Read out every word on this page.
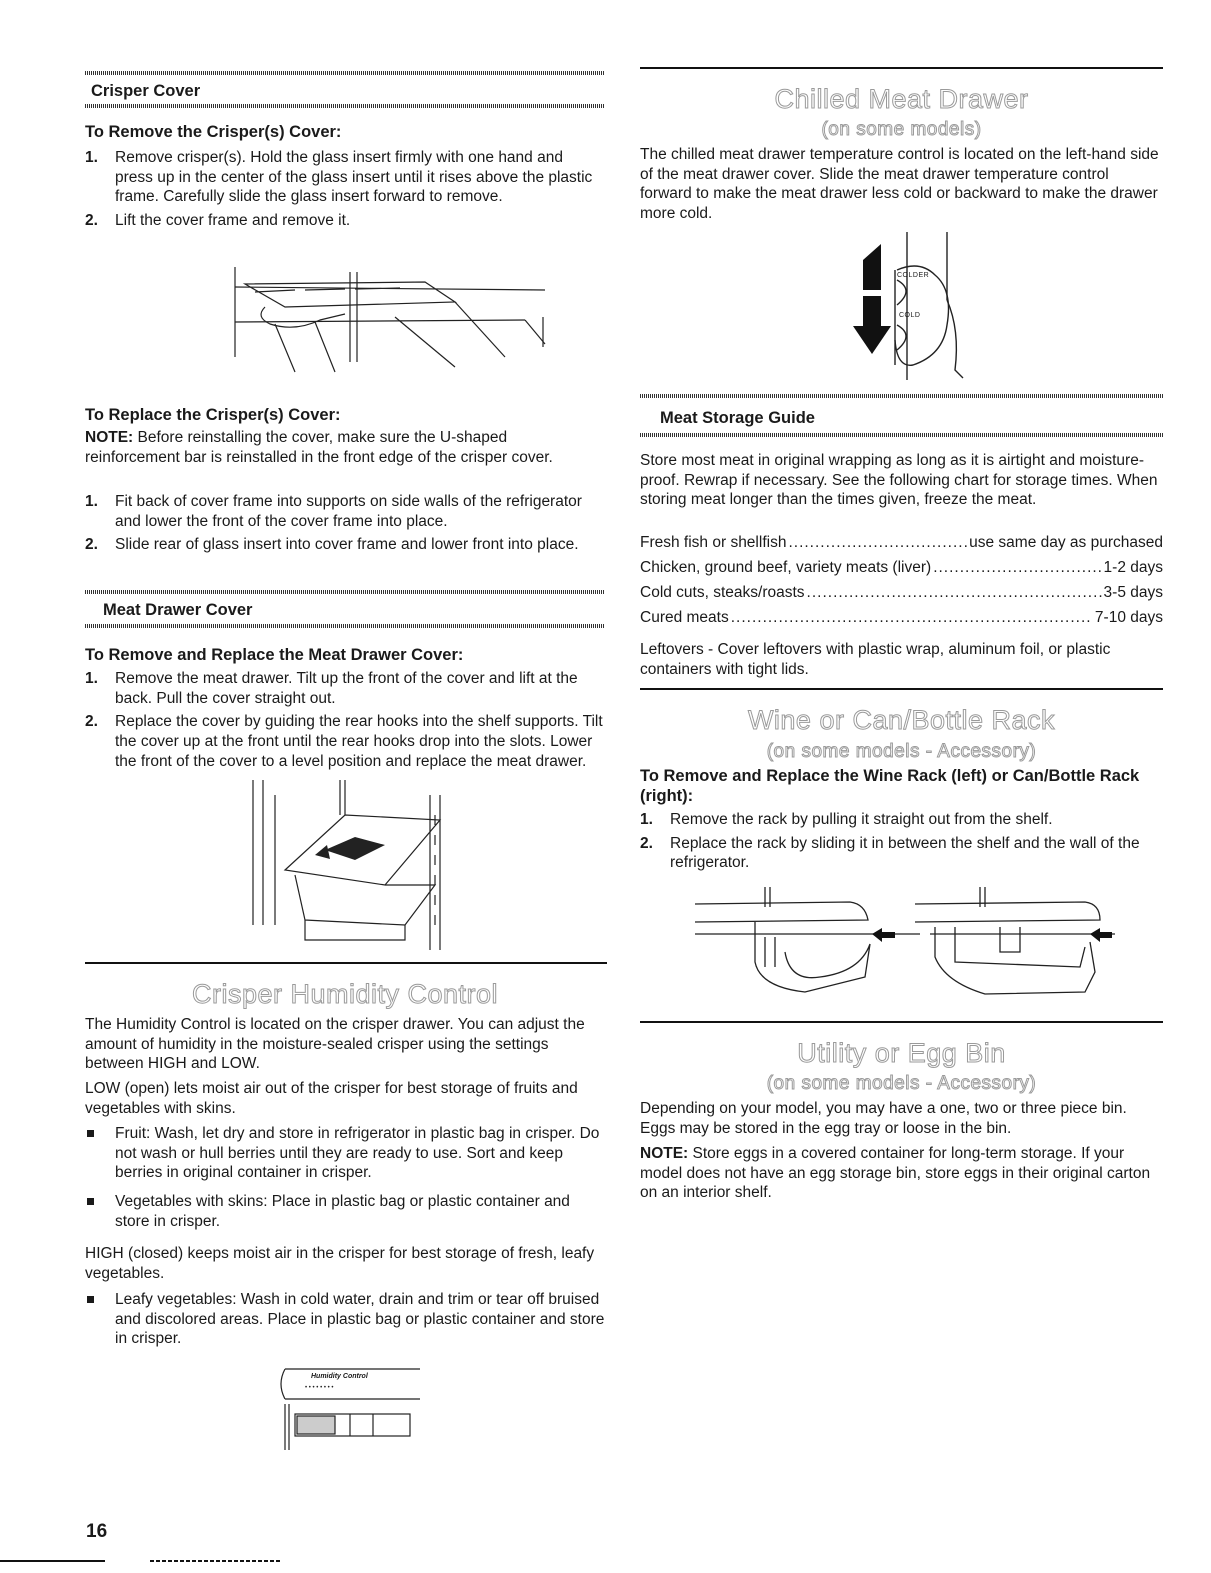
Crisper Cover
To Remove the Crisper(s) Cover:
1. Remove crisper(s). Hold the glass insert firmly with one hand and press up in the center of the glass insert until it rises above the plastic frame. Carefully slide the glass insert forward to remove.
2. Lift the cover frame and remove it.
To Replace the Crisper(s) Cover:

NOTE: Before reinstalling the cover, make sure the U-shaped reinforcement bar is reinstalled in the front edge of the crisper cover.

1. Fit back of cover frame into supports on side walls of the refrigerator and lower the front of the cover frame into place.
2. Slide rear of glass insert into cover frame and lower front into place.
Meat Drawer Cover
To Remove and Replace the Meat Drawer Cover:
1. Remove the meat drawer. Tilt up the front of the cover and lift at the back. Pull the cover straight out.
2. Replace the cover by guiding the rear hooks into the shelf supports. Tilt the cover up at the front until the rear hooks drop into the slots. Lower the front of the cover to a level position and replace the meat drawer.
Crisper Humidity Control

The Humidity Control is located on the crisper drawer. You can adjust the amount of humidity in the moisture-sealed crisper using the settings between HIGH and LOW.

LOW (open) lets moist air out of the crisper for best storage of fruits and vegetables with skins.

Fruit: Wash, let dry and store in refrigerator in plastic bag in crisper. Do not wash or hull berries until they are ready to use. Sort and keep berries in original container in crisper.
Vegetables with skins: Place in plastic bag or plastic container and store in crisper.

HIGH (closed) keeps moist air in the crisper for best storage of fresh, leafy vegetables.

Leafy vegetables: Wash in cold water, drain and trim or tear off bruised and discolored areas. Place in plastic bag or plastic container and store in crisper.
• • • • • • • •
Humidity Control
Chilled Meat Drawer
(on some models)

The chilled meat drawer temperature control is located on the left-hand side of the meat drawer cover. Slide the meat drawer temperature control forward to make the meat drawer less cold or backward to make the drawer more cold.

COLDER
COLD
Meat Storage Guide

Store most meat in original wrapping as long as it is airtight and moisture-proof. Rewrap if necessary. See the following chart for storage times. When storing meat longer than the times given, freeze the meat.

Fresh fish or shellfish .....	use same day as purchased
Chicken, ground beef, variety meats (liver) .....	1-2 days
Cold cuts, steaks/roasts .....	3-5 days
Cured meats .....	7-10 days

Leftovers - Cover leftovers with plastic wrap, aluminum foil, or plastic containers with tight lids.

Wine or Can/Bottle Rack
(on some models - Accessory)
To Remove and Replace the Wine Rack (left) or Can/Bottle Rack (right):
1. Remove the rack by pulling it straight out from the shelf.
2. Replace the rack by sliding it in between the shelf and the wall of the refrigerator.
Utility or Egg Bin
(on some models - Accessory)

Depending on your model, you may have a one, two or three piece bin. Eggs may be stored in the egg tray or loose in the bin.

NOTE: Store eggs in a covered container for long-term storage. If your model does not have an egg storage bin, store eggs in their original carton on an interior shelf.

16
